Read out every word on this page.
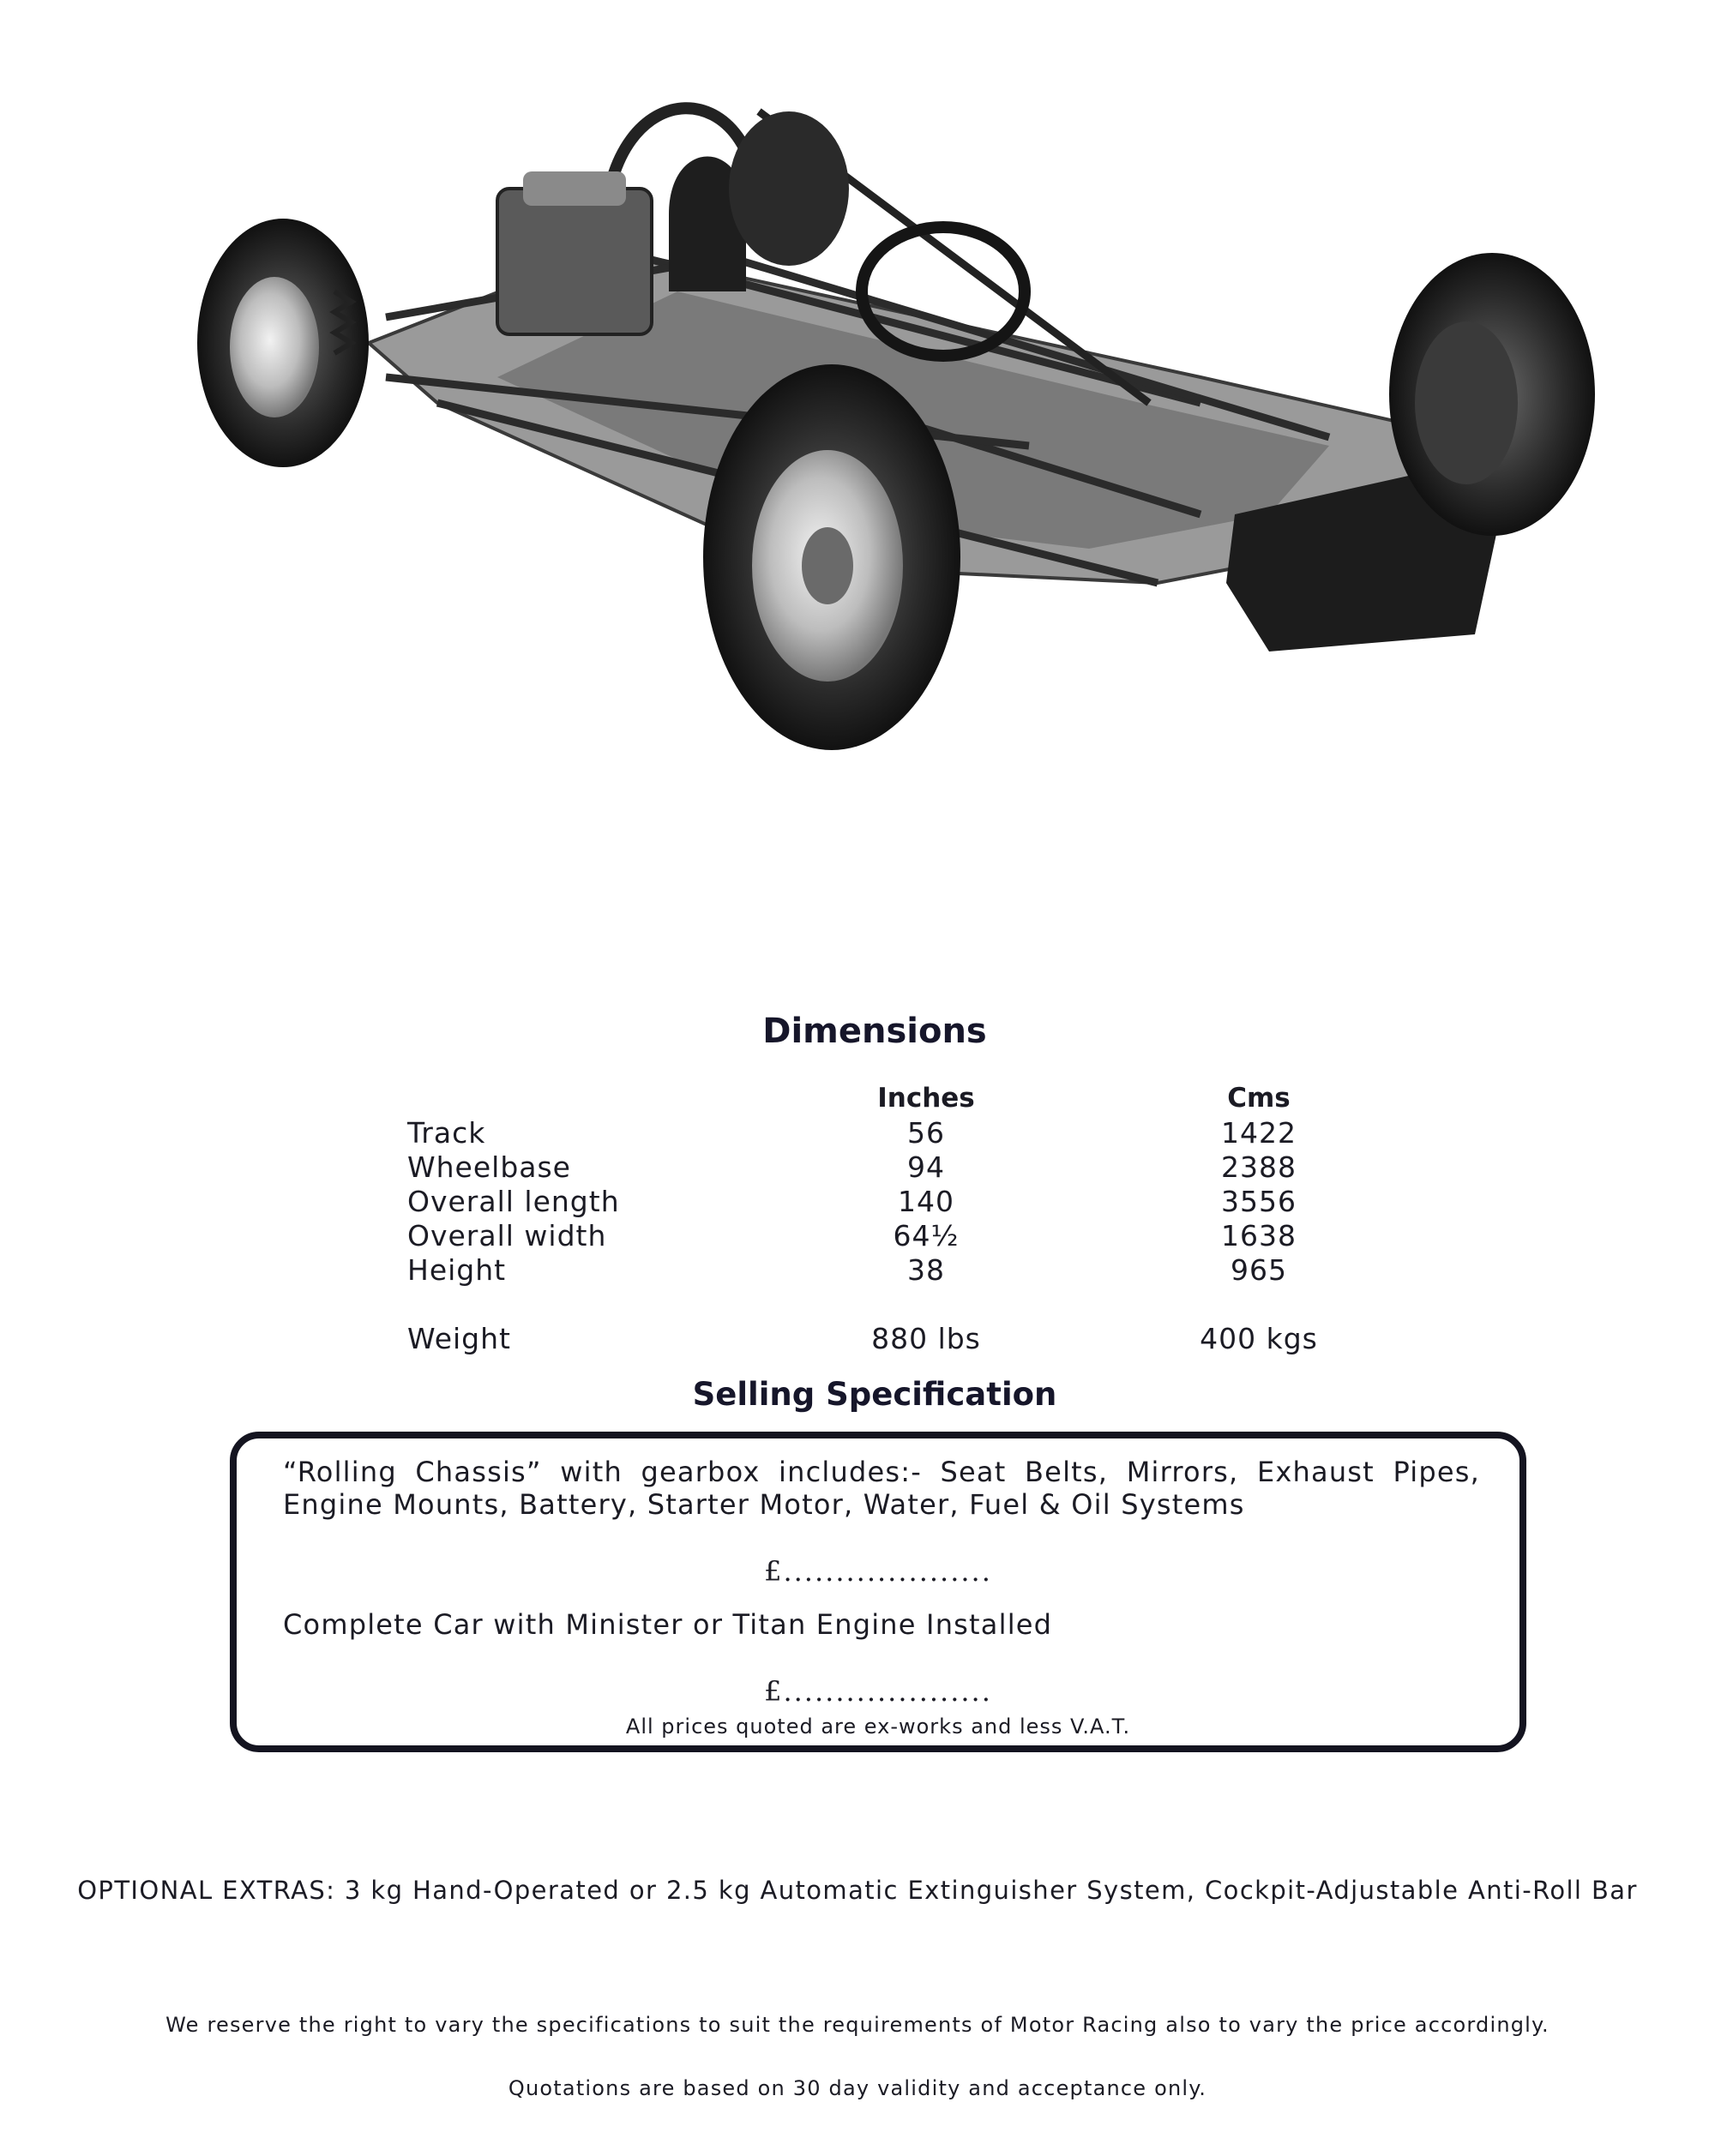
Dimensions
Inches	Cms
Track	56	1422
Wheelbase	94	2388
Overall length	140	3556
Overall width	64½	1638
Height	38	965
Weight	880 lbs	400 kgs
Selling Specification
“Rolling Chassis” with gearbox includes:- Seat Belts, Mirrors, Exhaust Pipes, Engine Mounts, Battery, Starter Motor, Water, Fuel & Oil Systems
£....................
Complete Car with Minister or Titan Engine Installed
£....................
All prices quoted are ex-works and less V.A.T.
OPTIONAL EXTRAS: 3 kg Hand-Operated or 2.5 kg Automatic Extinguisher System, Cockpit-Adjustable Anti-Roll Bar
We reserve the right to vary the specifications to suit the requirements of Motor Racing also to vary the price accordingly.
Quotations are based on 30 day validity and acceptance only.
